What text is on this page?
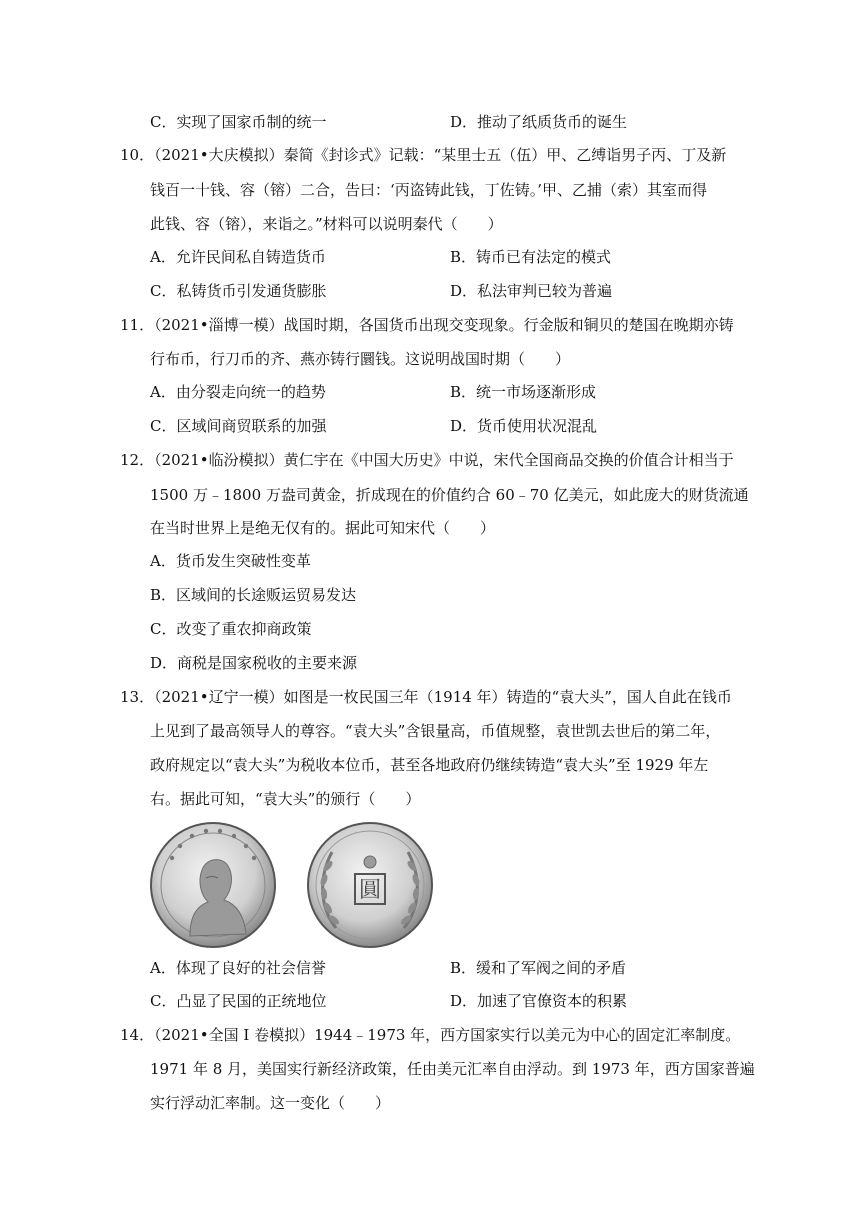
C．实现了国家币制的统一	D．推动了纸质货币的诞生
10．（2021•大庆模拟）秦简《封诊式》记载：“某里士五（伍）甲、乙缚诣男子丙、丁及新
钱百一十钱、容（镕）二合，告曰：‘丙盗铸此钱，丁佐铸。’甲、乙捕（索）其室而得
此钱、容（镕），来诣之。”材料可以说明秦代（　　）
A．允许民间私自铸造货币	B．铸币已有法定的模式
C．私铸货币引发通货膨胀	D．私法审判已较为普遍
11．（2021•淄博一模）战国时期，各国货币出现交变现象。行金版和铜贝的楚国在晚期亦铸
行布币，行刀币的齐、燕亦铸行圜钱。这说明战国时期（　　）
A．由分裂走向统一的趋势	B．统一市场逐渐形成
C．区域间商贸联系的加强	D．货币使用状况混乱
12．（2021•临汾模拟）黄仁宇在《中国大历史》中说，宋代全国商品交换的价值合计相当于
1500 万﹣1800 万盎司黄金，折成现在的价值约合 60﹣70 亿美元，如此庞大的财货流通
在当时世界上是绝无仅有的。据此可知宋代（　　）
A．货币发生突破性变革
B．区域间的长途贩运贸易发达
C．改变了重农抑商政策
D．商税是国家税收的主要来源
13．（2021•辽宁一模）如图是一枚民国三年（1914 年）铸造的“袁大头”，国人自此在钱币
上见到了最高领导人的尊容。“袁大头”含银量高，币值规整，袁世凯去世后的第二年，
政府规定以“袁大头”为税收本位币，甚至各地政府仍继续铸造“袁大头”至 1929 年左
右。据此可知，“袁大头”的颁行（　　）
圓
A．体现了良好的社会信誉	B．缓和了军阀之间的矛盾
C．凸显了民国的正统地位	D．加速了官僚资本的积累
14．（2021•全国 I 卷模拟）1944﹣1973 年，西方国家实行以美元为中心的固定汇率制度。
1971 年 8 月，美国实行新经济政策，任由美元汇率自由浮动。到 1973 年，西方国家普遍
实行浮动汇率制。这一变化（　　）
